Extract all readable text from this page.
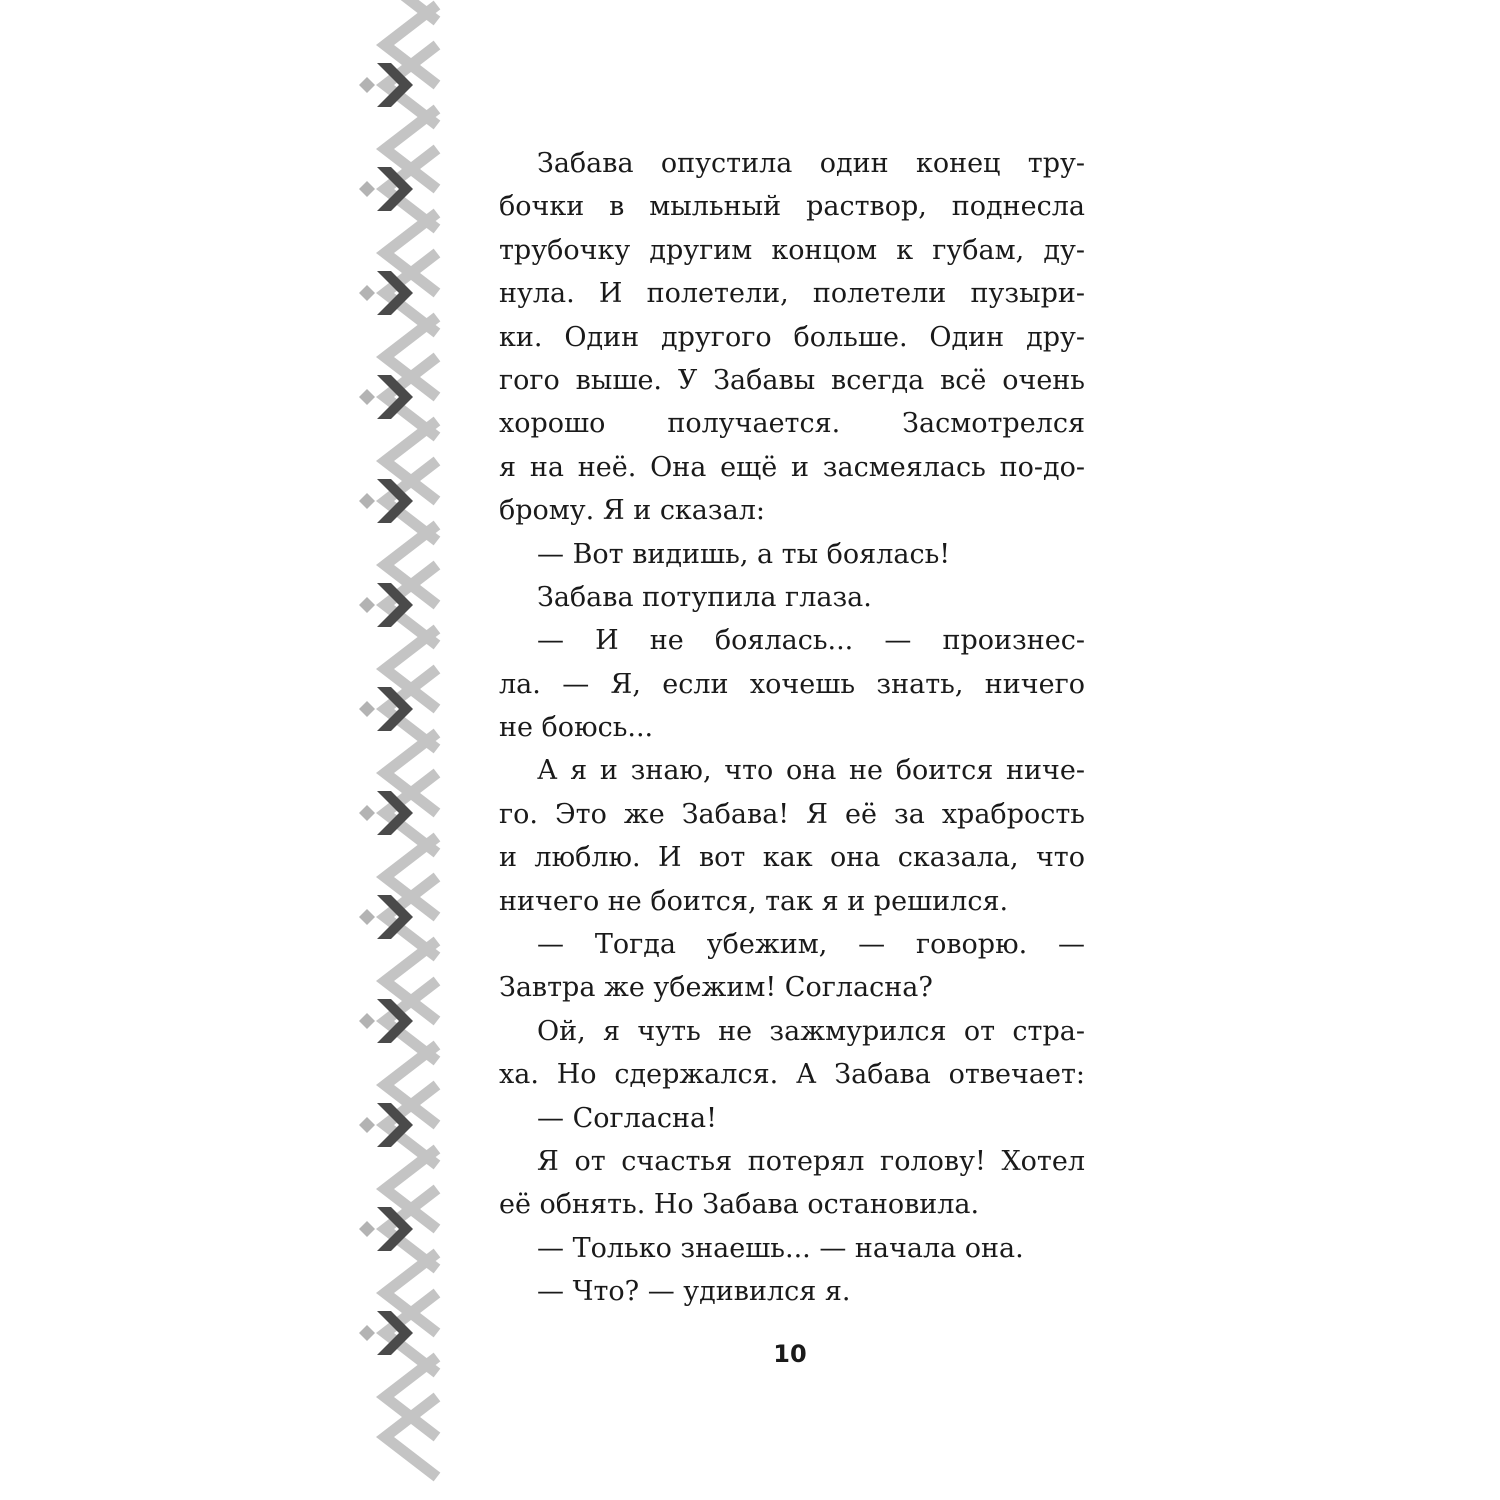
Забава опустила один конец тру-
бочки в мыльный раствор, поднесла
трубочку другим концом к губам, ду-
нула. И полетели, полетели пузыри-
ки. Один другого больше. Один дру-
гого выше. У Забавы всегда всё очень
хорошо получается. Засмотрелся
я на неё. Она ещё и засмеялась по-до-
брому. Я и сказал:
— Вот видишь, а ты боялась!
Забава потупила глаза.
— И не боялась... — произнес-
ла. — Я, если хочешь знать, ничего
не боюсь...
А я и знаю, что она не боится ниче-
го. Это же Забава! Я её за храбрость
и люблю. И вот как она сказала, что
ничего не боится, так я и решился.
— Тогда убежим, — говорю. —
Завтра же убежим! Согласна?
Ой, я чуть не зажмурился от стра-
ха. Но сдержался. А Забава отвечает:
— Согласна!
Я от счастья потерял голову! Хотел
её обнять. Но Забава остановила.
— Только знаешь... — начала она.
— Что? — удивился я.
10
